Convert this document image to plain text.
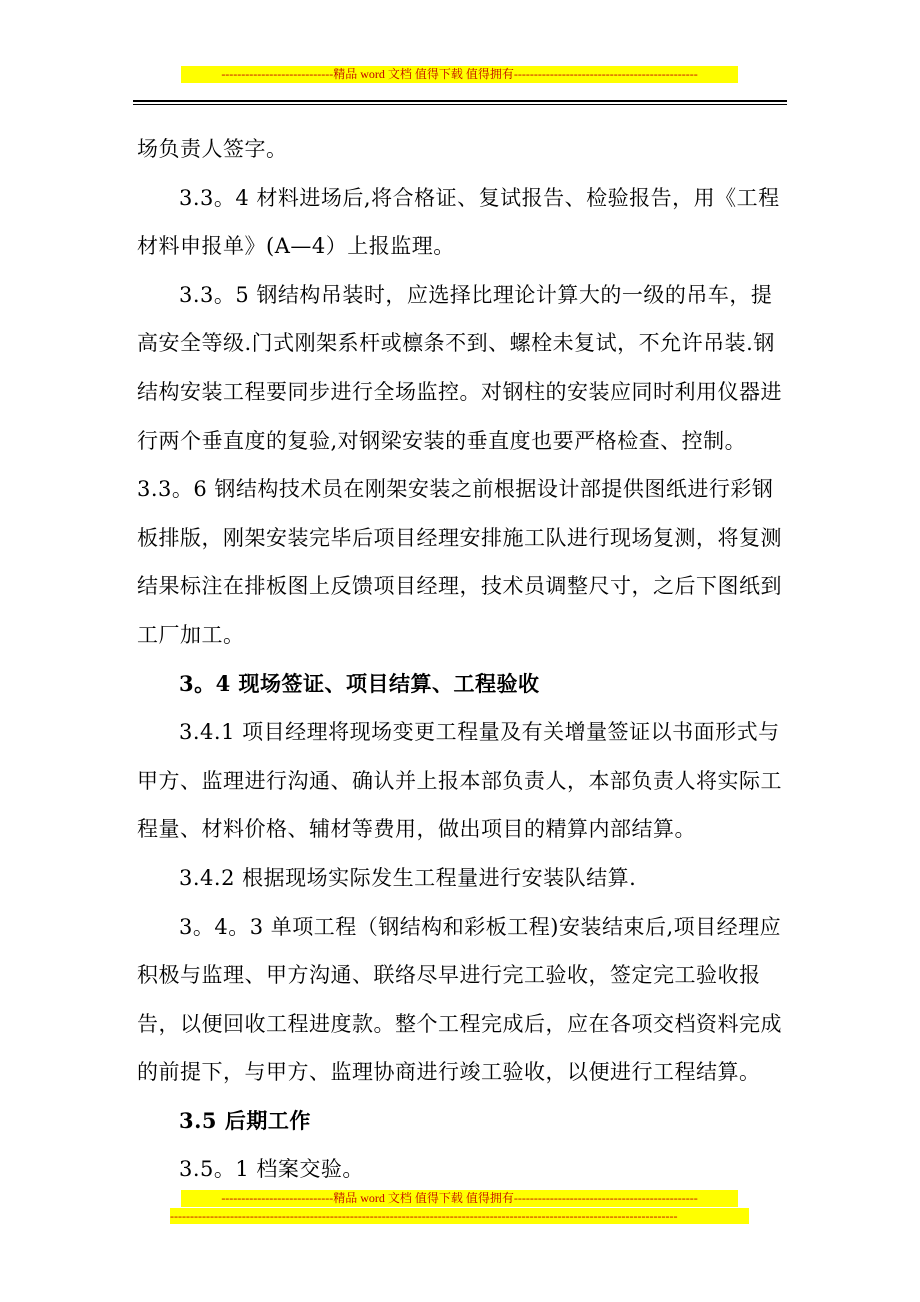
----------------------------精品 word 文档 值得下载 值得拥有----------------------------------------------

场负责人签字。

3.3。4 材料进场后,将合格证、复试报告、检验报告，用《工程材料申报单》(A—4）上报监理。

3.3。5 钢结构吊装时，应选择比理论计算大的一级的吊车，提高安全等级.门式刚架系杆或檩条不到、螺栓未复试，不允许吊装.钢结构安装工程要同步进行全场监控。对钢柱的安装应同时利用仪器进行两个垂直度的复验,对钢梁安装的垂直度也要严格检查、控制。

3.3。6 钢结构技术员在刚架安装之前根据设计部提供图纸进行彩钢板排版，刚架安装完毕后项目经理安排施工队进行现场复测，将复测结果标注在排板图上反馈项目经理，技术员调整尺寸，之后下图纸到工厂加工。

3。4 现场签证、项目结算、工程验收

3.4.1 项目经理将现场变更工程量及有关增量签证以书面形式与甲方、监理进行沟通、确认并上报本部负责人，本部负责人将实际工程量、材料价格、辅材等费用，做出项目的精算内部结算。

3.4.2 根据现场实际发生工程量进行安装队结算.

3。4。3 单项工程（钢结构和彩板工程)安装结束后,项目经理应积极与监理、甲方沟通、联络尽早进行完工验收，签定完工验收报告，以便回收工程进度款。整个工程完成后，应在各项交档资料完成的前提下，与甲方、监理协商进行竣工验收，以便进行工程结算。

3.5 后期工作

3.5。1 档案交验。

----------------------------精品 word 文档 值得下载 值得拥有----------------------------------------------
-------------------------------------------------------------------------------------------------------------------------------
